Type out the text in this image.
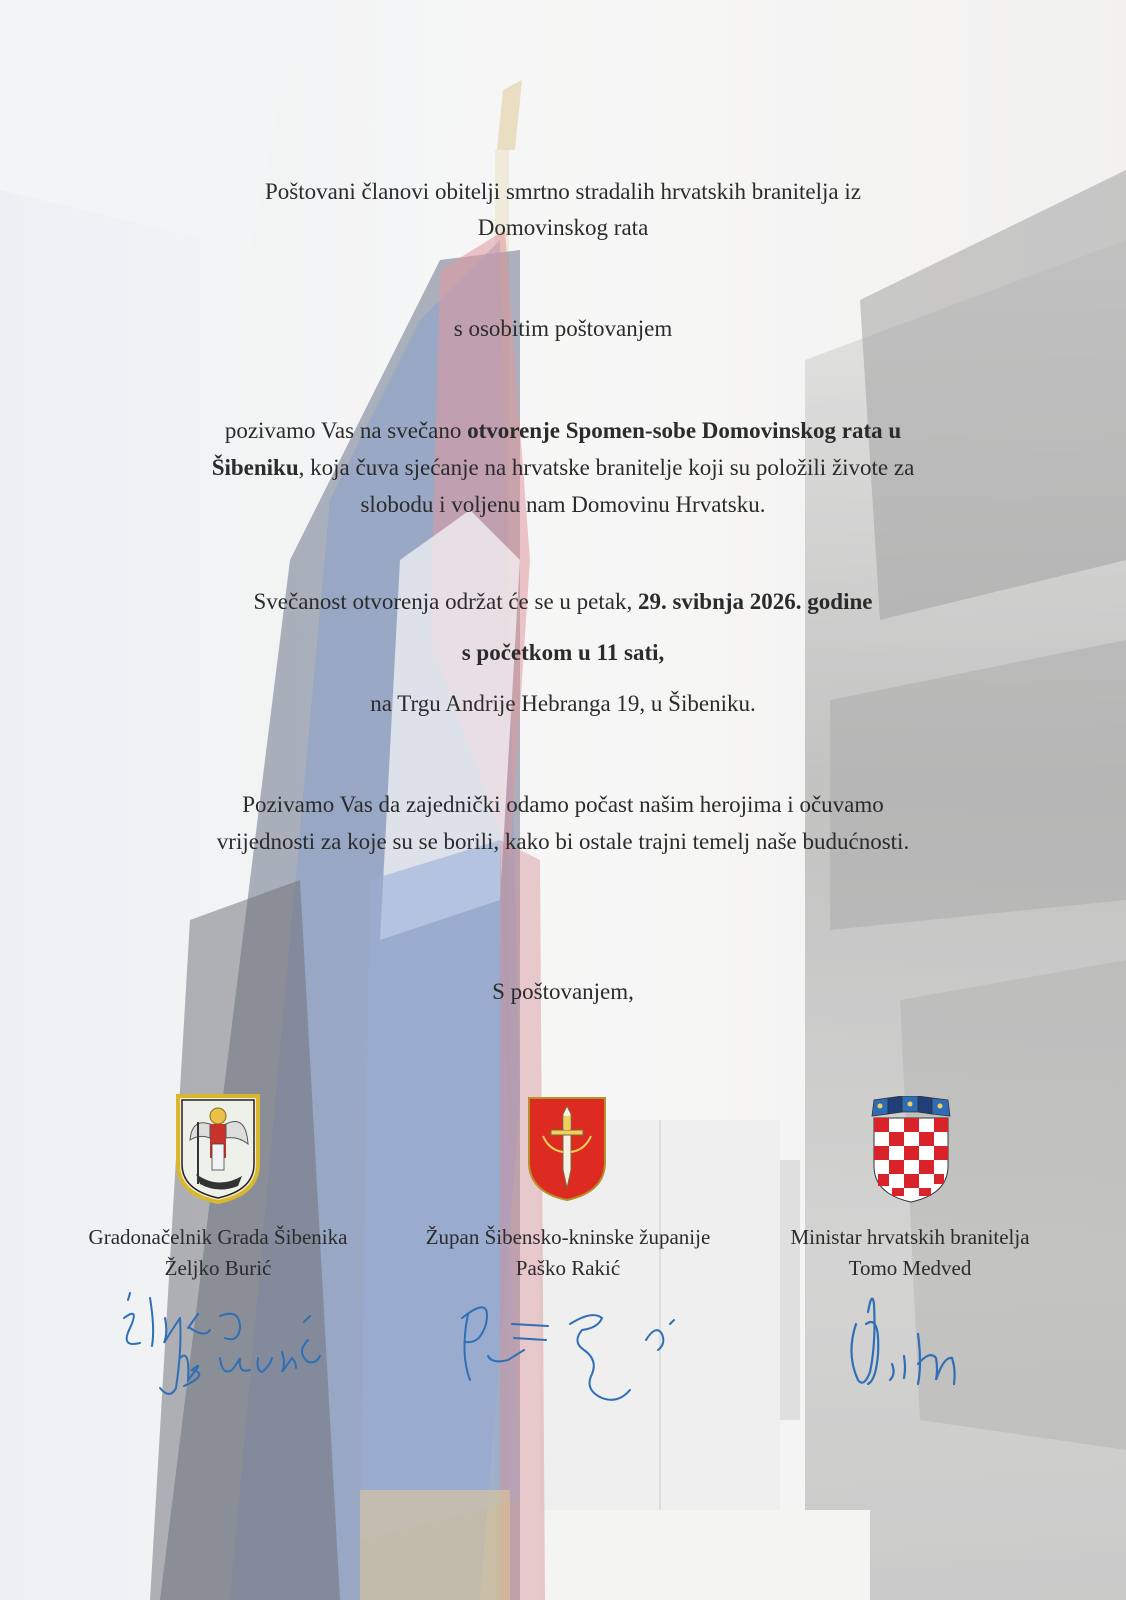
Poštovani članovi obitelji smrtno stradalih hrvatskih branitelja iz

Domovinskog rata

s osobitim poštovanjem

pozivamo Vas na svečano otvorenje Spomen-sobe Domovinskog rata u

Šibeniku, koja čuva sjećanje na hrvatske branitelje koji su položili živote za

slobodu i voljenu nam Domovinu Hrvatsku.

Svečanost otvorenja održat će se u petak, 29. svibnja 2026. godine

s početkom u 11 sati,

na Trgu Andrije Hebranga 19, u Šibeniku.

Pozivamo Vas da zajednički odamo počast našim herojima i očuvamo

vrijednosti za koje su se borili, kako bi ostale trajni temelj naše budućnosti.

S poštovanjem,

Gradonačelnik Grada Šibenika

Željko Burić

Župan Šibensko-kninske županije

Paško Rakić

Ministar hrvatskih branitelja

Tomo Medved
